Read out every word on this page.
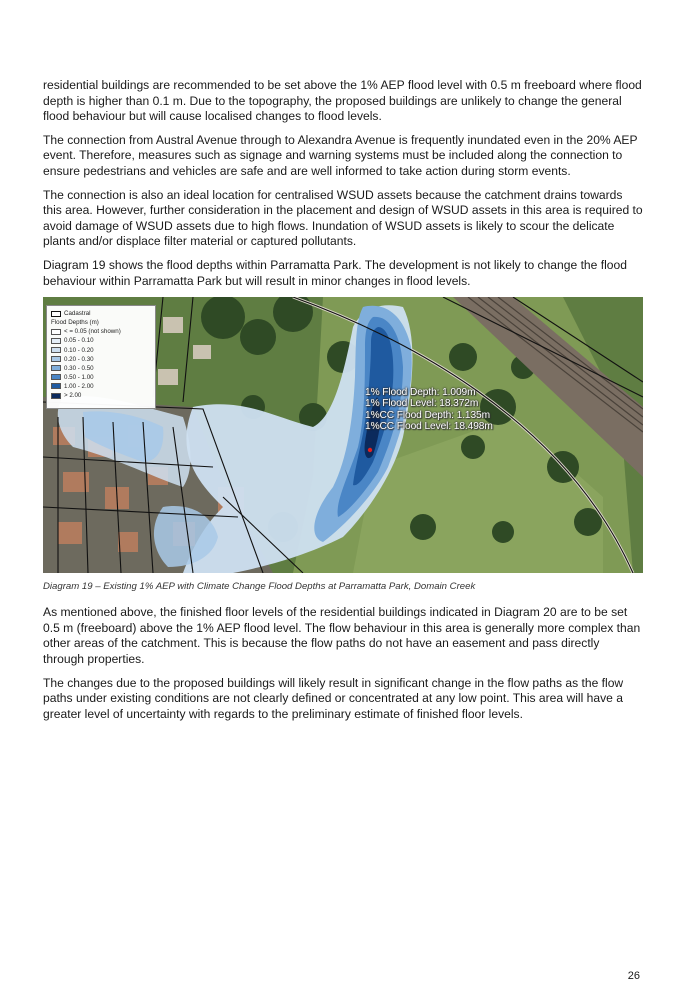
residential buildings are recommended to be set above the 1% AEP flood level with 0.5 m freeboard where flood depth is higher than 0.1 m. Due to the topography, the proposed buildings are unlikely to change the general flood behaviour but will cause localised changes to flood levels.

The connection from Austral Avenue through to Alexandra Avenue is frequently inundated even in the 20% AEP event. Therefore, measures such as signage and warning systems must be included along the connection to ensure pedestrians and vehicles are safe and are well informed to take action during storm events.

The connection is also an ideal location for centralised WSUD assets because the catchment drains towards this area. However, further consideration in the placement and design of WSUD assets in this area is required to avoid damage of WSUD assets due to high flows. Inundation of WSUD assets is likely to scour the delicate plants and/or displace filter material or captured pollutants.

Diagram 19 shows the flood depths within Parramatta Park. The development is not likely to change the flood behaviour within Parramatta Park but will result in minor changes in flood levels.

Cadastral
Flood Depths (m)
< = 0.05 (not shown)
0.05 - 0.10
0.10 - 0.20
0.20 - 0.30
0.30 - 0.50
0.50 - 1.00
1.00 - 2.00
> 2.00	1% Flood Depth: 1.009m
1% Flood Level: 18.372m
1%CC Flood Depth: 1.135m
1%CC Flood Level: 18.498m

Diagram 19 – Existing 1% AEP with Climate Change Flood Depths at Parramatta Park, Domain Creek

As mentioned above, the finished floor levels of the residential buildings indicated in Diagram 20 are to be set 0.5 m (freeboard) above the 1% AEP flood level. The flow behaviour in this area is generally more complex than other areas of the catchment. This is because the flow paths do not have an easement and pass directly through properties.

The changes due to the proposed buildings will likely result in significant change in the flow paths as the flow paths under existing conditions are not clearly defined or concentrated at any low point. This area will have a greater level of uncertainty with regards to the preliminary estimate of finished floor levels.

26
